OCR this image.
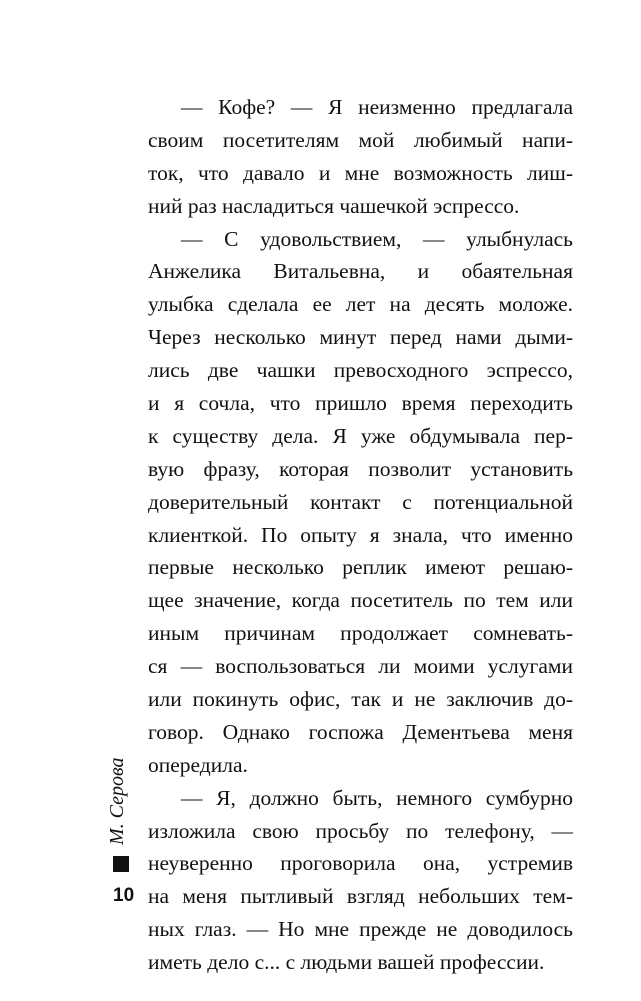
— Кофе? — Я неизменно предлагала
своим посетителям мой любимый напи-
ток, что давало и мне возможность лиш-
ний раз насладиться чашечкой эспрессо.
— С удовольствием, — улыбнулась
Анжелика Витальевна, и обаятельная
улыбка сделала ее лет на десять моложе.
Через несколько минут перед нами дыми-
лись две чашки превосходного эспрессо,
и я сочла, что пришло время переходить
к существу дела. Я уже обдумывала пер-
вую фразу, которая позволит установить
доверительный контакт с потенциальной
клиенткой. По опыту я знала, что именно
первые несколько реплик имеют решаю-
щее значение, когда посетитель по тем или
иным причинам продолжает сомневать-
ся — воспользоваться ли моими услугами
или покинуть офис, так и не заключив до-
говор. Однако госпожа Дементьева меня
опередила.
— Я, должно быть, немного сумбурно
изложила свою просьбу по телефону, —
неуверенно проговорила она, устремив
на меня пытливый взгляд небольших тем-
ных глаз. — Но мне прежде не доводилось
иметь дело с... с людьми вашей профессии.
М. Серова
10
